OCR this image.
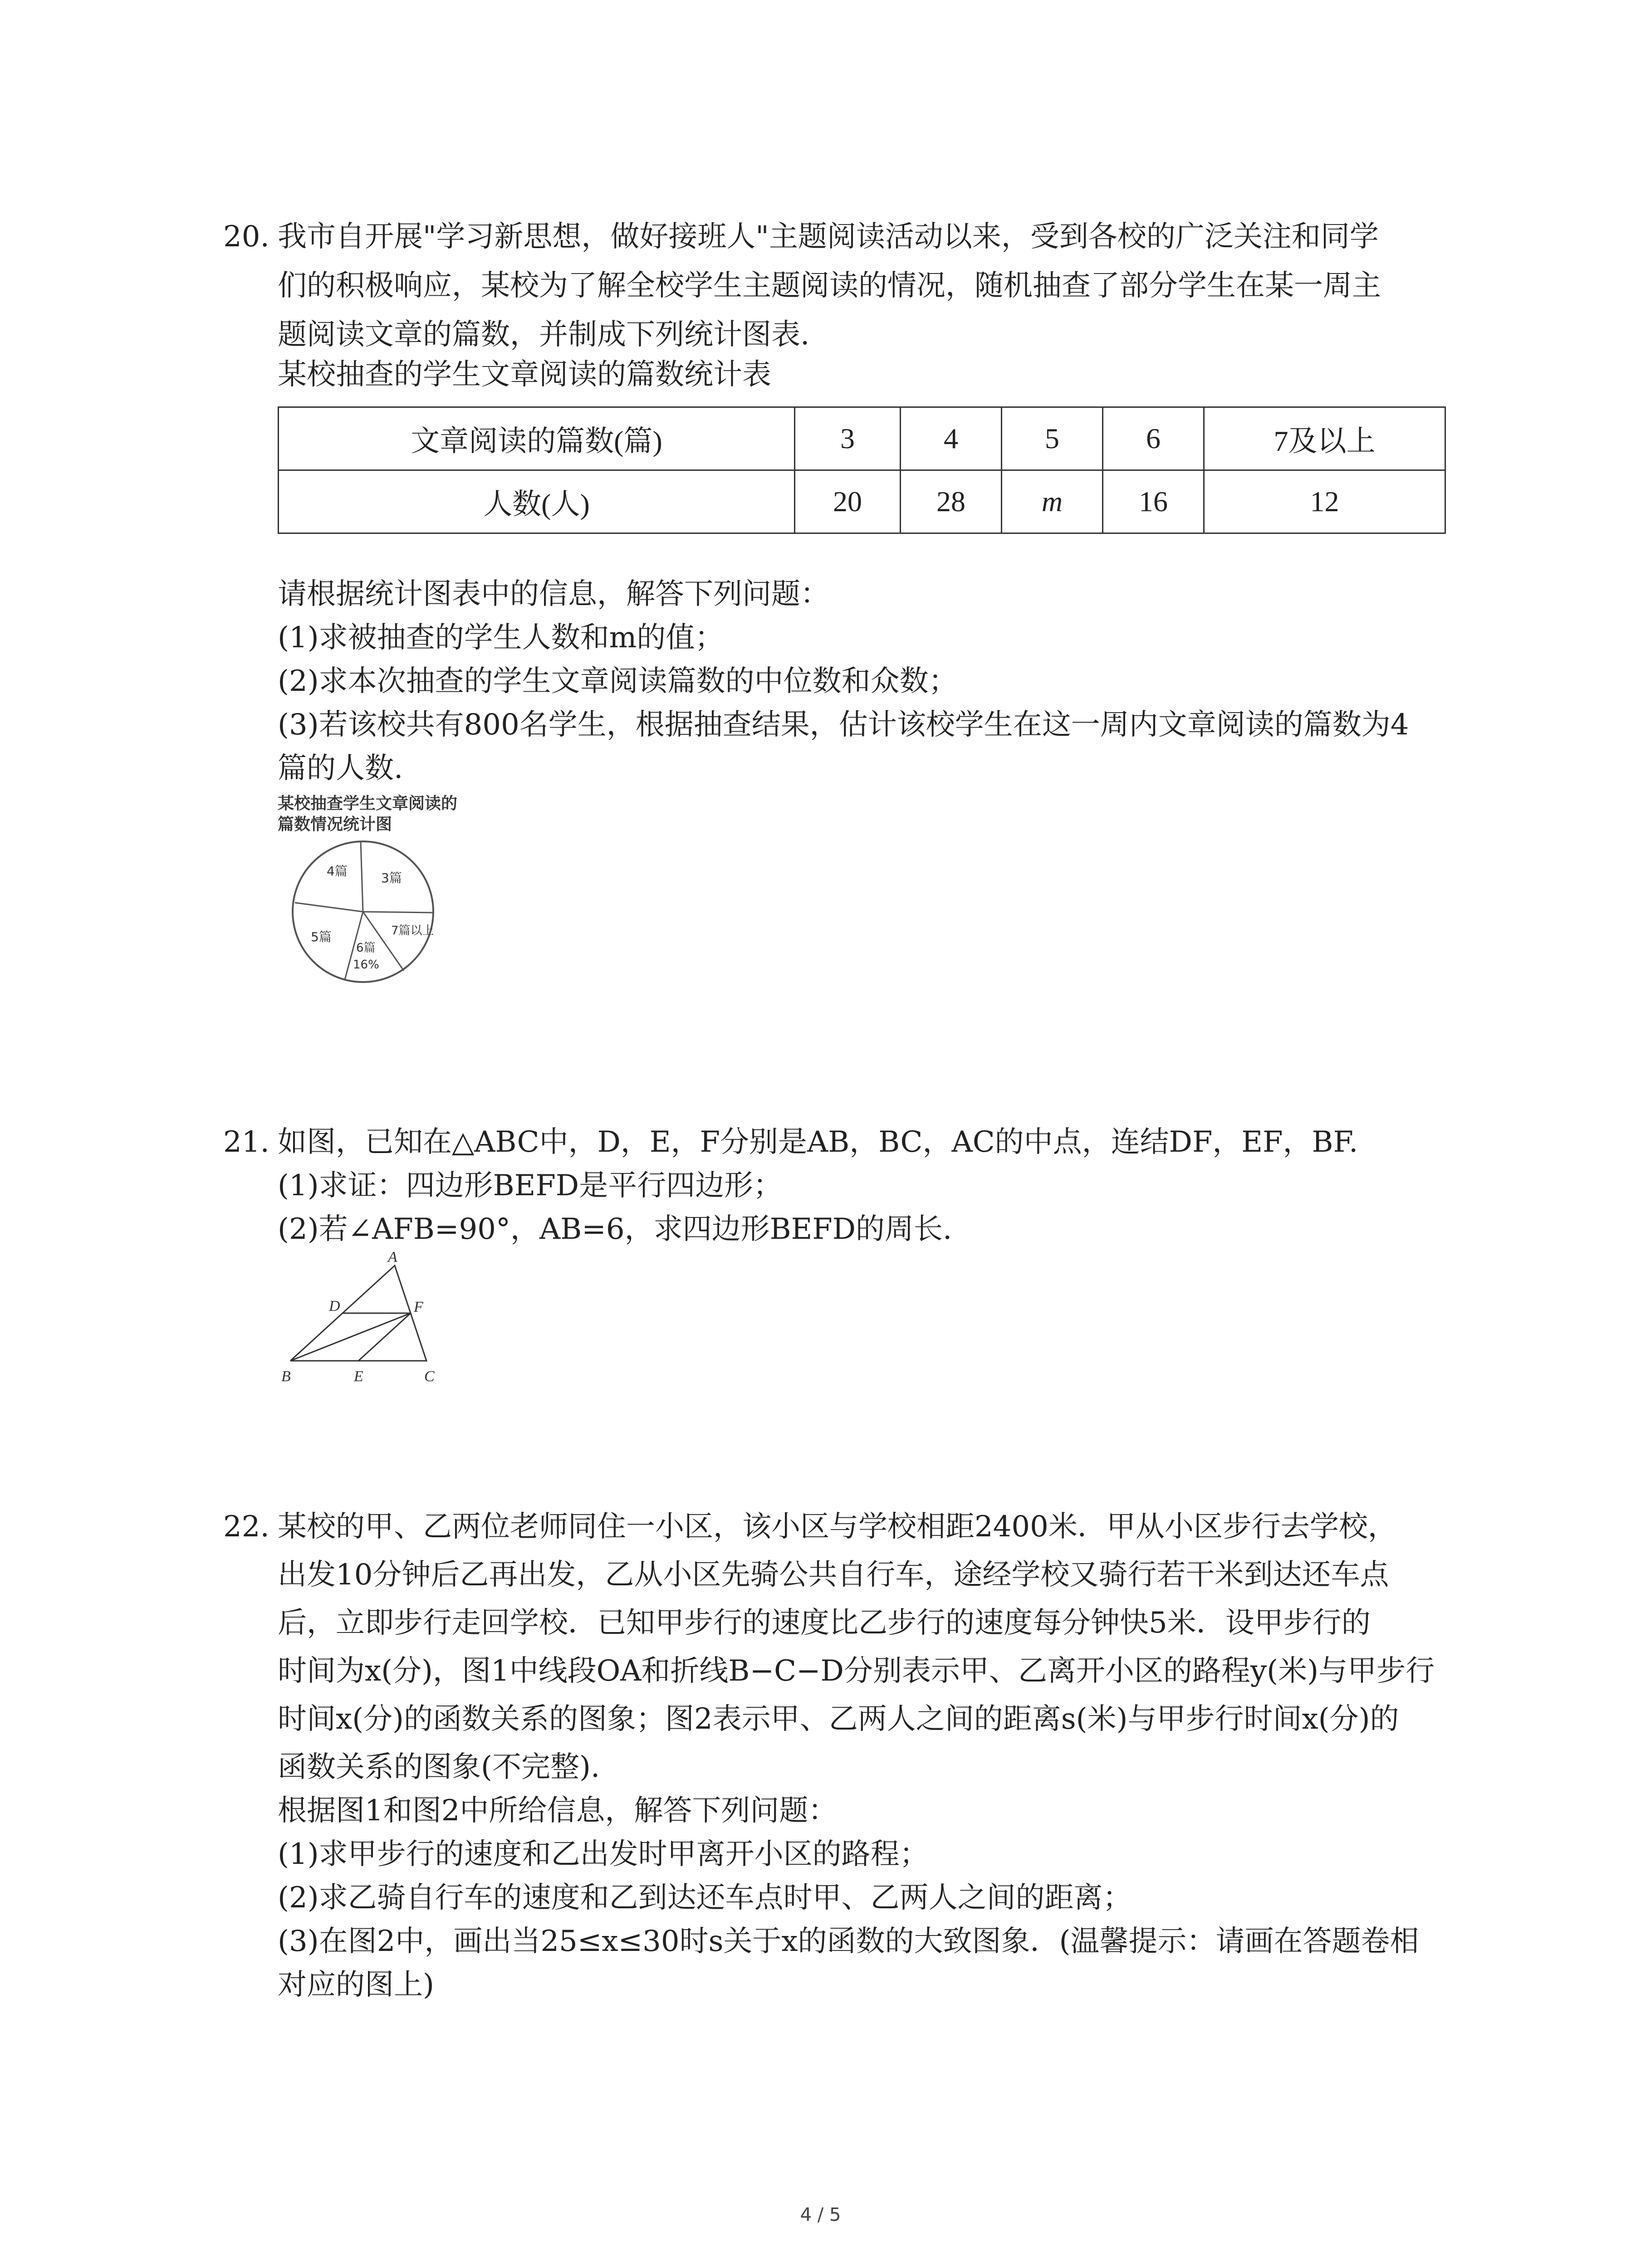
20. 我市自开展"学习新思想，做好接班人"主题阅读活动以来，受到各校的广泛关注和同学
们的积极响应，某校为了解全校学生主题阅读的情况，随机抽查了部分学生在某一周主
题阅读文章的篇数，并制成下列统计图表.
某校抽查的学生文章阅读的篇数统计表
文章阅读的篇数(篇)	3	4	5	6	7及以上
人数(人)	20	28	m	16	12
请根据统计图表中的信息，解答下列问题：
(1)求被抽查的学生人数和m的值；
(2)求本次抽查的学生文章阅读篇数的中位数和众数；
(3)若该校共有800名学生，根据抽查结果，估计该校学生在这一周内文章阅读的篇数为4
篇的人数.
某校抽查学生文章阅读的
篇数情况统计图
4篇	3篇
5篇
6篇
16%
7篇以上
21. 如图，已知在△ABC中，D，E，F分别是AB，BC，AC的中点，连结DF，EF，BF.
(1)求证：四边形BEFD是平行四边形；
(2)若∠AFB=90°，AB=6，求四边形BEFD的周长.
A
D	F
B	E	C
22. 某校的甲、乙两位老师同住一小区，该小区与学校相距2400米．甲从小区步行去学校，
出发10分钟后乙再出发，乙从小区先骑公共自行车，途经学校又骑行若干米到达还车点
后，立即步行走回学校．已知甲步行的速度比乙步行的速度每分钟快5米．设甲步行的
时间为x(分)，图1中线段OA和折线B−C−D分别表示甲、乙离开小区的路程y(米)与甲步行
时间x(分)的函数关系的图象；图2表示甲、乙两人之间的距离s(米)与甲步行时间x(分)的
函数关系的图象(不完整).
根据图1和图2中所给信息，解答下列问题：
(1)求甲步行的速度和乙出发时甲离开小区的路程；
(2)求乙骑自行车的速度和乙到达还车点时甲、乙两人之间的距离；
(3)在图2中，画出当25≤x≤30时s关于x的函数的大致图象．(温馨提示：请画在答题卷相
对应的图上)
4 / 5
